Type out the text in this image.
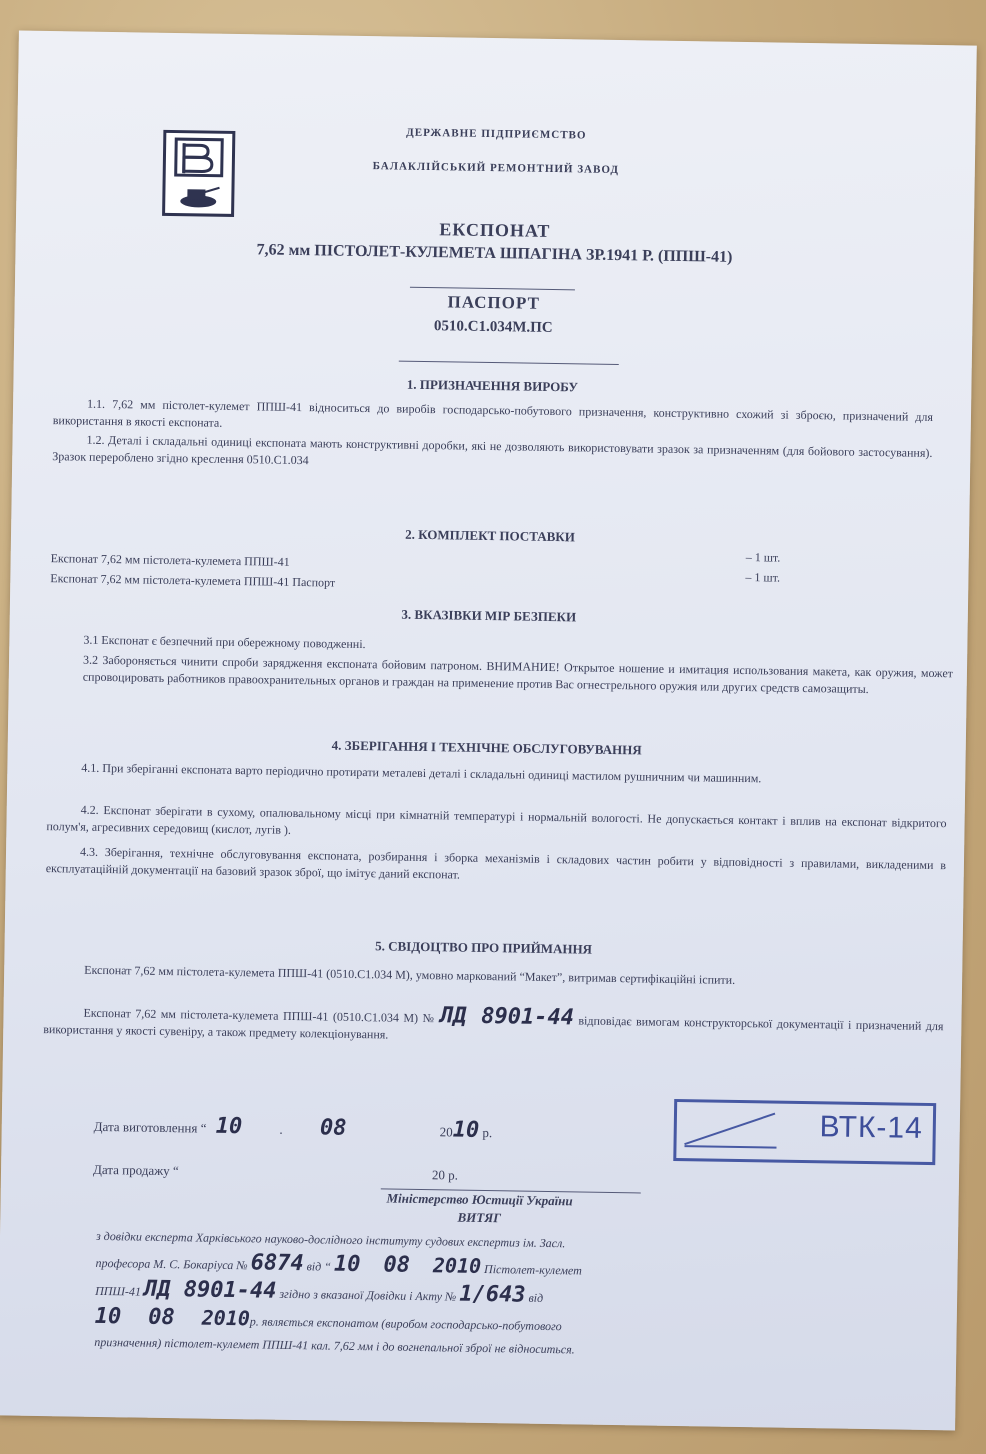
ДЕРЖАВНЕ ПІДПРИЄМСТВО
БАЛАКЛІЙСЬКИЙ РЕМОНТНИЙ ЗАВОД
ЕКСПОНАТ
7,62 мм ПІСТОЛЕТ-КУЛЕМЕТА ШПАГІНА ЗР.1941 Р. (ППШ-41)
ПАСПОРТ
0510.С1.034М.ПС
1. ПРИЗНАЧЕННЯ ВИРОБУ
1.1. 7,62 мм пістолет-кулемет ППШ-41 відноситься до виробів господарсько-побутового призначення, конструктивно схожий зі зброєю, призначений для використання в якості експоната.
1.2. Деталі і складальні одиниці експоната мають конструктивні доробки, які не дозволяють використовувати зразок за призначенням (для бойового застосування). Зразок перероблено згідно креслення 0510.С1.034
2. КОМПЛЕКТ ПОСТАВКИ
Експонат 7,62 мм пістолета-кулемета ППШ-41	– 1 шт.
Експонат 7,62 мм пістолета-кулемета ППШ-41 Паспорт	– 1 шт.
3. ВКАЗІВКИ МІР БЕЗПЕКИ
3.1 Експонат є безпечний при обережному поводженні.
3.2 Забороняється чинити спроби зарядження експоната бойовим патроном. ВНИМАНИЕ! Открытое ношение и имитация использования макета, как оружия, может спровоцировать работников правоохранительных органов и граждан на применение против Вас огнестрельного оружия или других средств самозащиты.
4. ЗБЕРІГАННЯ І ТЕХНІЧНЕ ОБСЛУГОВУВАННЯ
4.1. При зберіганні експоната варто періодично протирати металеві деталі і складальні одиниці мастилом рушничним чи машинним.
4.2. Експонат зберігати в сухому, опалювальному місці при кімнатній температурі і нормальній вологості. Не допускається контакт і вплив на експонат відкритого полум'я, агресивних середовищ (кислот, лугів ).
4.3. Зберігання, технічне обслуговування експоната, розбирання і зборка механізмів і складових частин робити у відповідності з правилами, викладеними в експлуатаційній документації на базовий зразок зброї, що імітує даний експонат.
5. СВІДОЦТВО ПРО ПРИЙМАННЯ
Експонат 7,62 мм пістолета-кулемета ППШ-41 (0510.С1.034 М), умовно маркований “Макет”, витримав сертифікаційні іспити.
Експонат 7,62 мм пістолета-кулемета ППШ-41 (0510.С1.034 М) № ЛД 8901-44 відповідає вимогам конструкторської документації і призначений для використання у якості сувеніру, а також предмету колекціонування.
Дата виготовлення “ 10	. 08	2010 р.
Дата продажу “	20 р.
ВТК-14
Міністерство Юстиції України
ВИТЯГ
з довідки експерта Харківського науково-дослідного інституту судових експертиз ім. Засл.
професора М. С. Бокаріуса № 6874 від “ 10 08 2010 Пістолет-кулемет
ППШ-41 ЛД 8901-44 згідно з вказаної Довідки і Акту № 1/643 від
10 08 2010р. являється експонатом (виробом господарсько-побутового
призначення) пістолет-кулемет ППШ-41 кал. 7,62 мм і до вогнепальної зброї не відноситься.
